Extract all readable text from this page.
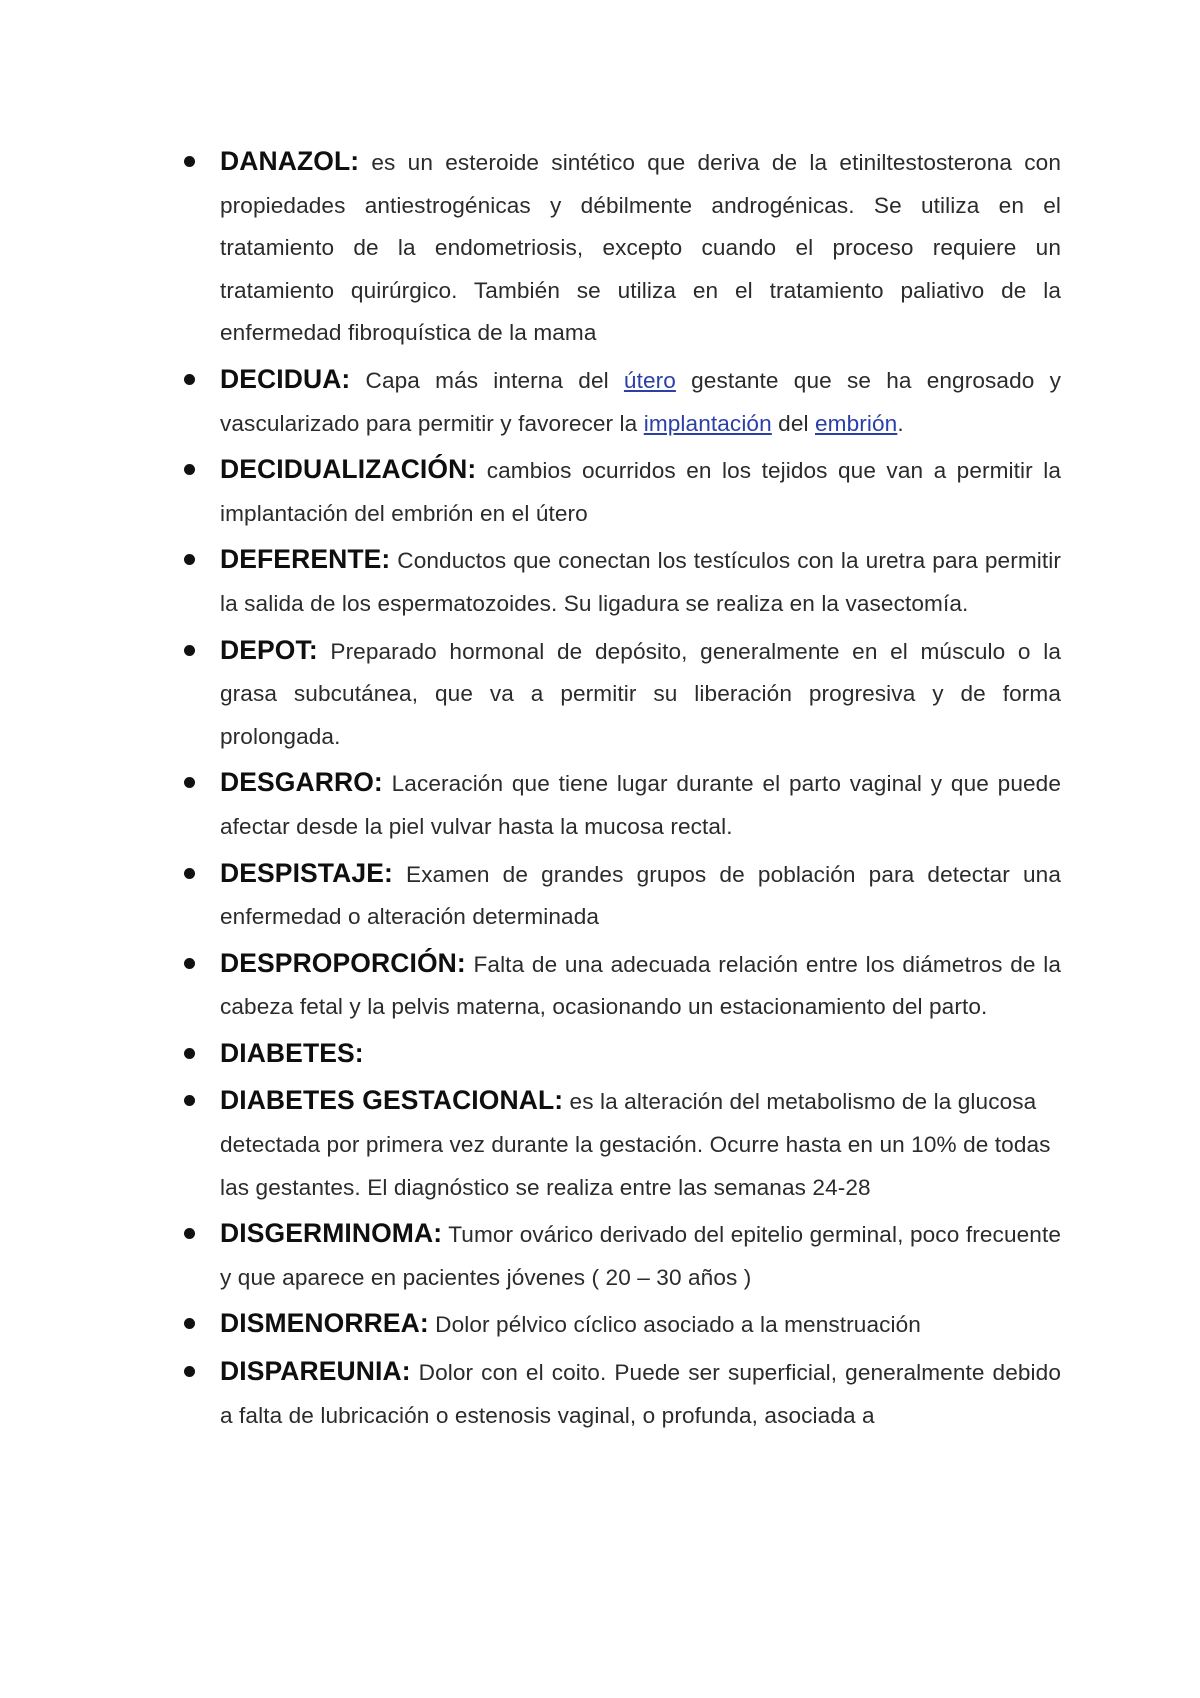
DANAZOL: es un esteroide sintético que deriva de la etiniltestosterona con propiedades antiestrogénicas y débilmente androgénicas. Se utiliza en el tratamiento de la endometriosis, excepto cuando el proceso requiere un tratamiento quirúrgico. También se utiliza en el tratamiento paliativo de la enfermedad fibroquística de la mama
DECIDUA: Capa más interna del útero gestante que se ha engrosado y vascularizado para permitir y favorecer la implantación del embrión.
DECIDUALIZACIÓN: cambios ocurridos en los tejidos que van a permitir la implantación del embrión en el útero
DEFERENTE: Conductos que conectan los testículos con la uretra para permitir la salida de los espermatozoides. Su ligadura se realiza en la vasectomía.
DEPOT: Preparado hormonal de depósito, generalmente en el músculo o la grasa subcutánea, que va a permitir su liberación progresiva y de forma prolongada.
DESGARRO: Laceración que tiene lugar durante el parto vaginal y que puede afectar desde la piel vulvar hasta la mucosa rectal.
DESPISTAJE: Examen de grandes grupos de población para detectar una enfermedad o alteración determinada
DESPROPORCIÓN: Falta de una adecuada relación entre los diámetros de la cabeza fetal y la pelvis materna, ocasionando un estacionamiento del parto.
DIABETES:
DIABETES GESTACIONAL: es la alteración del metabolismo de la glucosa detectada por primera vez durante la gestación. Ocurre hasta en un 10% de todas las gestantes. El diagnóstico se realiza entre las semanas 24-28
DISGERMINOMA: Tumor ovárico derivado del epitelio germinal, poco frecuente y que aparece en pacientes jóvenes ( 20 – 30 años )
DISMENORREA: Dolor pélvico cíclico asociado a la menstruación
DISPAREUNIA: Dolor con el coito. Puede ser superficial, generalmente debido a falta de lubricación o estenosis vaginal, o profunda, asociada a
